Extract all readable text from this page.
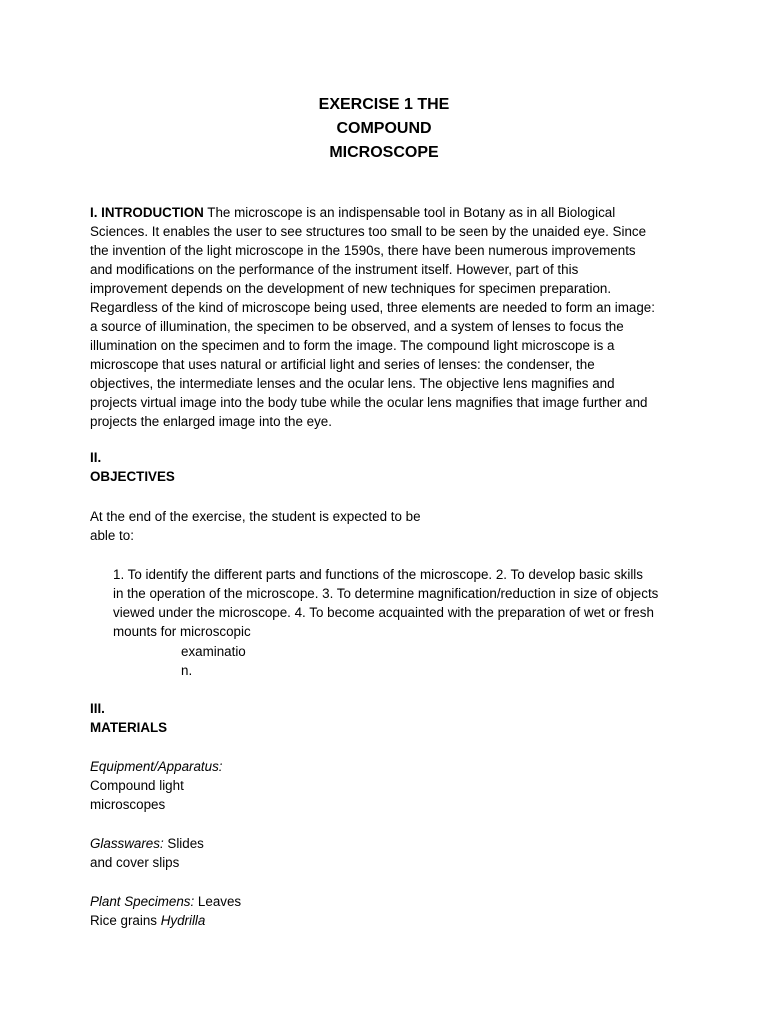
EXERCISE 1 THE
COMPOUND
MICROSCOPE
I. INTRODUCTION The microscope is an indispensable tool in Botany as in all Biological
Sciences. It enables the user to see structures too small to be seen by the unaided eye. Since
the invention of the light microscope in the 1590s, there have been numerous improvements
and modifications on the performance of the instrument itself. However, part of this
improvement depends on the development of new techniques for specimen preparation.
Regardless of the kind of microscope being used, three elements are needed to form an image:
a source of illumination, the specimen to be observed, and a system of lenses to focus the
illumination on the specimen and to form the image. The compound light microscope is a
microscope that uses natural or artificial light and series of lenses: the condenser, the
objectives, the intermediate lenses and the ocular lens. The objective lens magnifies and
projects virtual image into the body tube while the ocular lens magnifies that image further and
projects the enlarged image into the eye.
II.
OBJECTIVES
At the end of the exercise, the student is expected to be
able to:
1. To identify the different parts and functions of the microscope. 2. To develop basic skills
in the operation of the microscope. 3. To determine magnification/reduction in size of objects
viewed under the microscope. 4. To become acquainted with the preparation of wet or fresh
mounts for microscopic
examinatio
n.
III.
MATERIALS
Equipment/Apparatus:
Compound light
microscopes
Glasswares: Slides
and cover slips
Plant Specimens: Leaves
Rice grains Hydrilla
